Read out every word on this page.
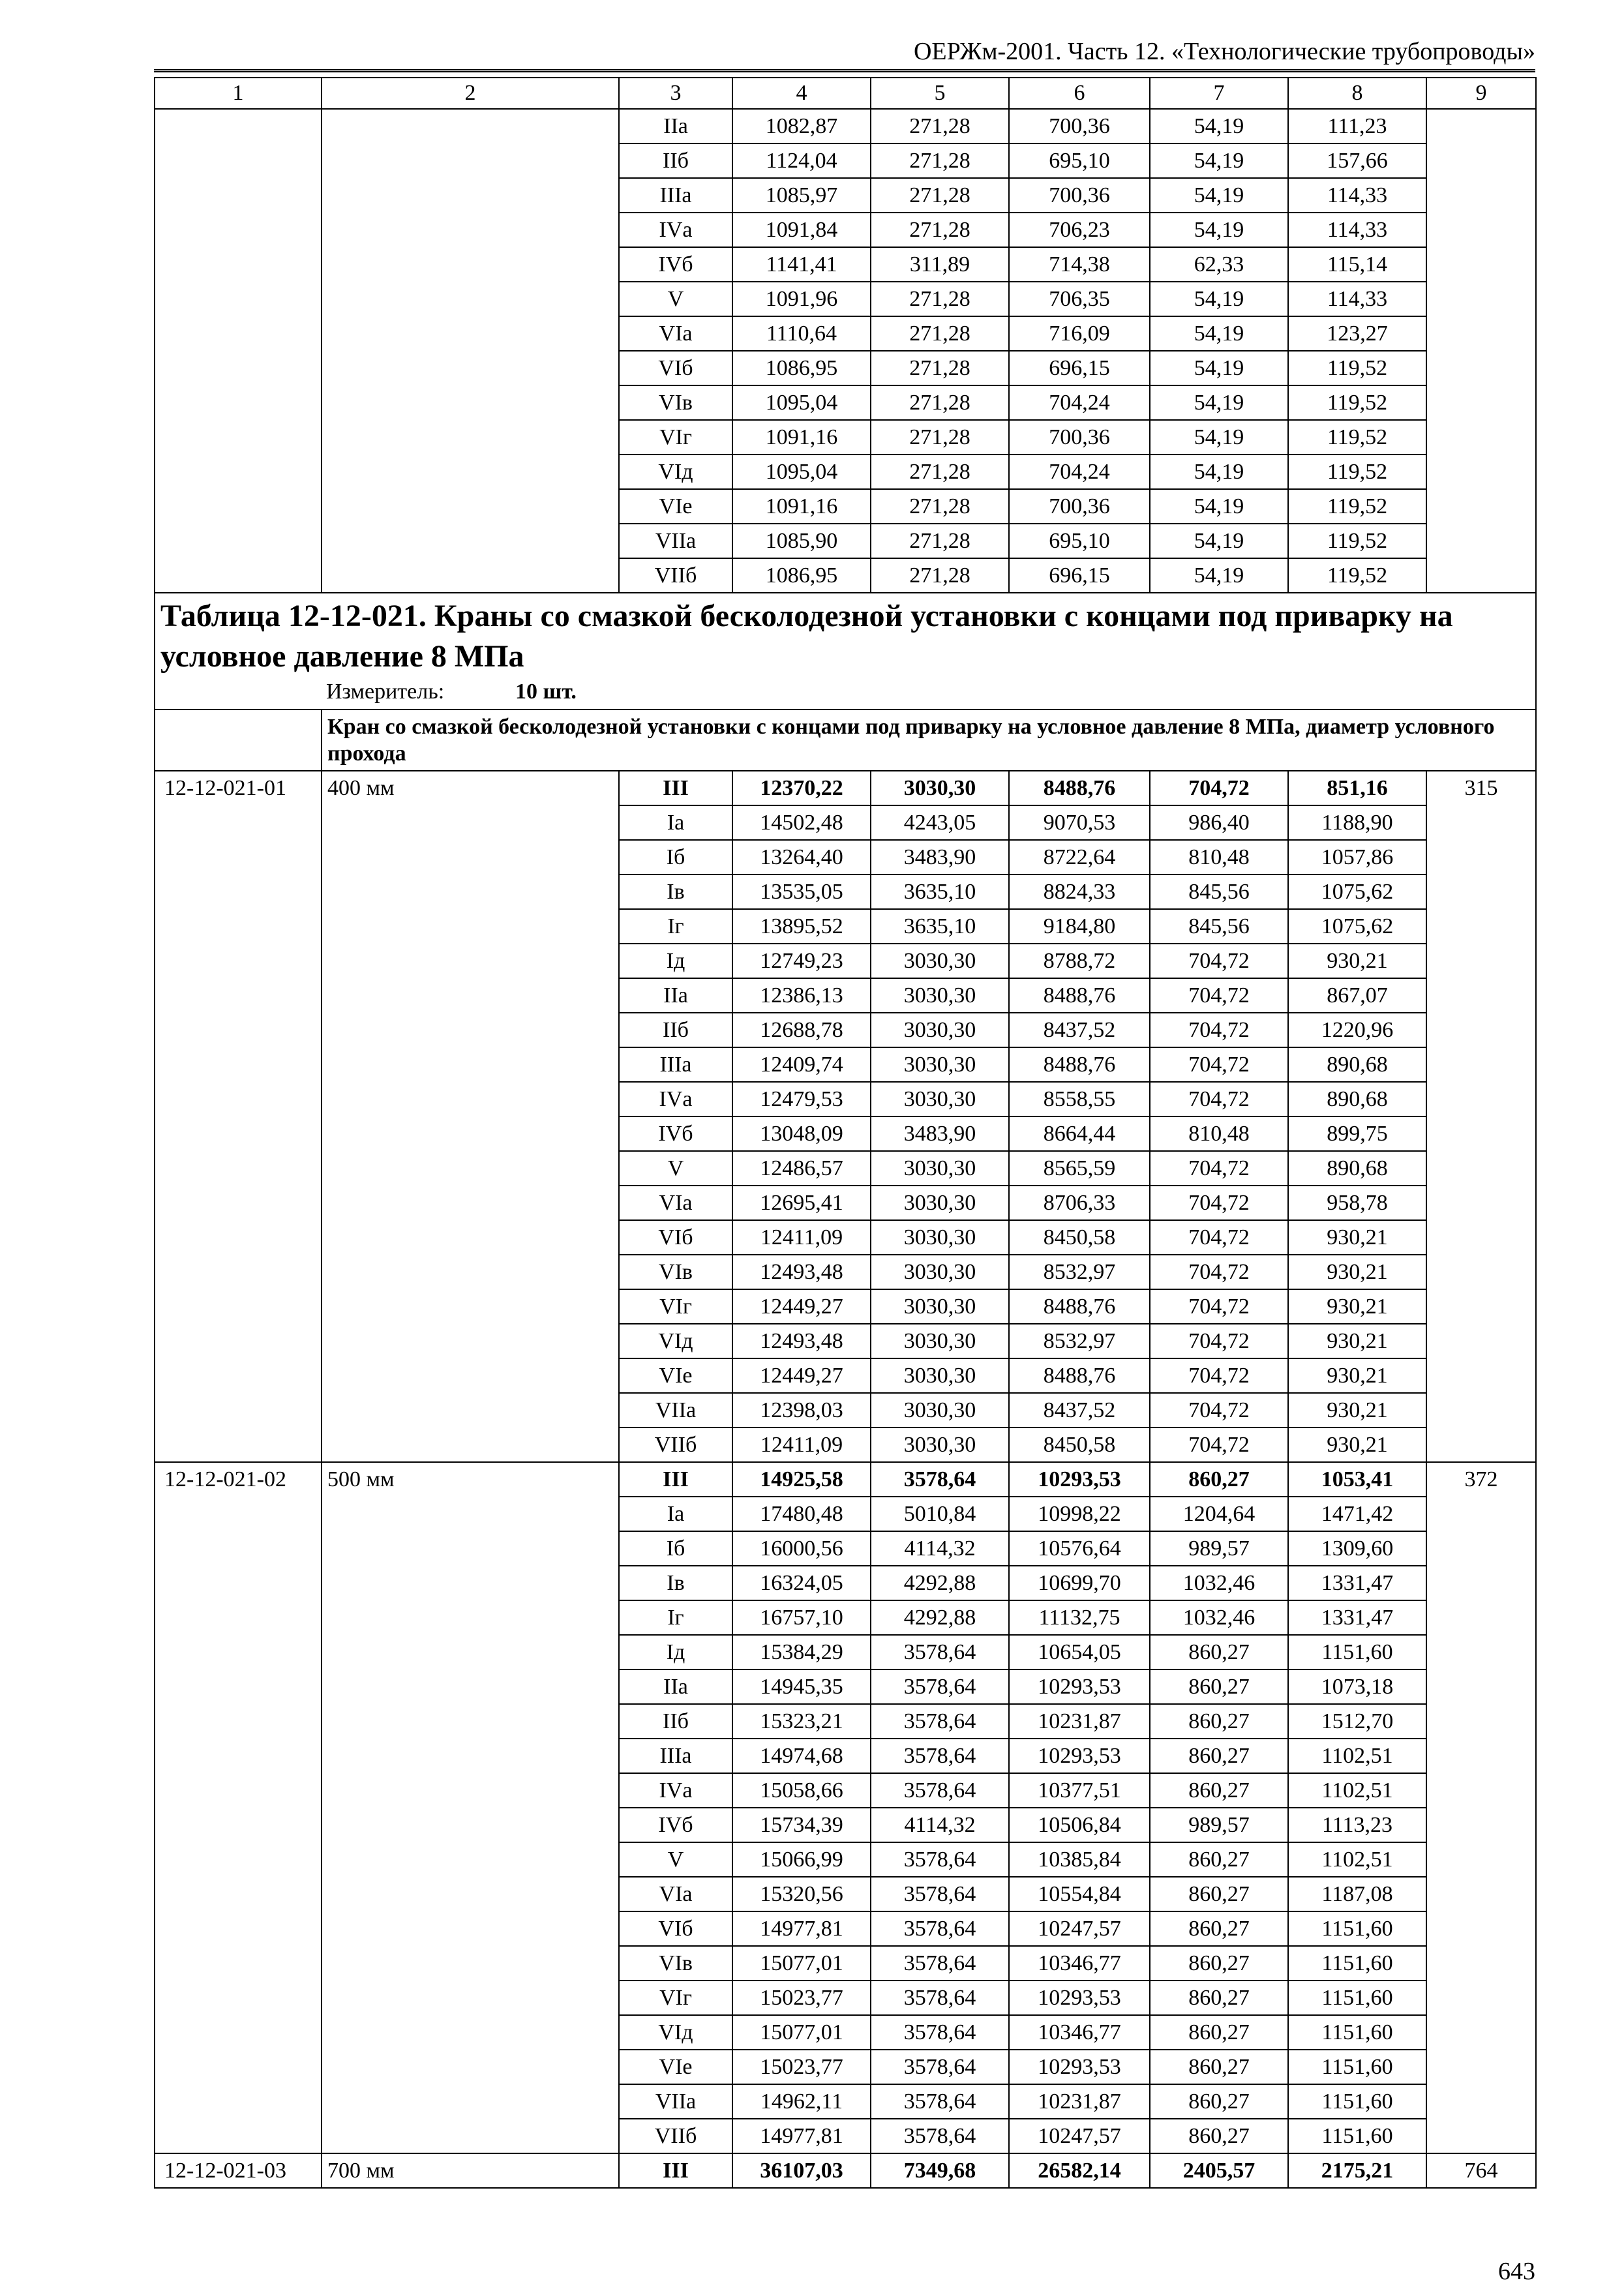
ОЕРЖм-2001. Часть 12. «Технологические трубопроводы»
1	2	3	4	5	6	7	8	9
		IIа	1082,87	271,28	700,36	54,19	111,23	
		IIб	1124,04	271,28	695,10	54,19	157,66	
		IIIа	1085,97	271,28	700,36	54,19	114,33	
		IVа	1091,84	271,28	706,23	54,19	114,33	
		IVб	1141,41	311,89	714,38	62,33	115,14	
		V	1091,96	271,28	706,35	54,19	114,33	
		VIа	1110,64	271,28	716,09	54,19	123,27	
		VIб	1086,95	271,28	696,15	54,19	119,52	
		VIв	1095,04	271,28	704,24	54,19	119,52	
		VIг	1091,16	271,28	700,36	54,19	119,52	
		VIд	1095,04	271,28	704,24	54,19	119,52	
		VIе	1091,16	271,28	700,36	54,19	119,52	
		VIIа	1085,90	271,28	695,10	54,19	119,52	
		VIIб	1086,95	271,28	696,15	54,19	119,52	
Таблица 12-12-021. Краны со смазкой бесколодезной установки с концами под приварку на условное давление 8 МПа								
Измеритель: 10 шт.								
	Кран со смазкой бесколодезной установки с концами под приварку на условное давление 8 МПа, диаметр условного прохода							
12-12-021-01	400 мм	III	12370,22	3030,30	8488,76	704,72	851,16	315
		Iа	14502,48	4243,05	9070,53	986,40	1188,90	
		Iб	13264,40	3483,90	8722,64	810,48	1057,86	
		Iв	13535,05	3635,10	8824,33	845,56	1075,62	
		Iг	13895,52	3635,10	9184,80	845,56	1075,62	
		Iд	12749,23	3030,30	8788,72	704,72	930,21	
		IIа	12386,13	3030,30	8488,76	704,72	867,07	
		IIб	12688,78	3030,30	8437,52	704,72	1220,96	
		IIIа	12409,74	3030,30	8488,76	704,72	890,68	
		IVа	12479,53	3030,30	8558,55	704,72	890,68	
		IVб	13048,09	3483,90	8664,44	810,48	899,75	
		V	12486,57	3030,30	8565,59	704,72	890,68	
		VIа	12695,41	3030,30	8706,33	704,72	958,78	
		VIб	12411,09	3030,30	8450,58	704,72	930,21	
		VIв	12493,48	3030,30	8532,97	704,72	930,21	
		VIг	12449,27	3030,30	8488,76	704,72	930,21	
		VIд	12493,48	3030,30	8532,97	704,72	930,21	
		VIе	12449,27	3030,30	8488,76	704,72	930,21	
		VIIа	12398,03	3030,30	8437,52	704,72	930,21	
		VIIб	12411,09	3030,30	8450,58	704,72	930,21	
12-12-021-02	500 мм	III	14925,58	3578,64	10293,53	860,27	1053,41	372
		Iа	17480,48	5010,84	10998,22	1204,64	1471,42	
		Iб	16000,56	4114,32	10576,64	989,57	1309,60	
		Iв	16324,05	4292,88	10699,70	1032,46	1331,47	
		Iг	16757,10	4292,88	11132,75	1032,46	1331,47	
		Iд	15384,29	3578,64	10654,05	860,27	1151,60	
		IIа	14945,35	3578,64	10293,53	860,27	1073,18	
		IIб	15323,21	3578,64	10231,87	860,27	1512,70	
		IIIа	14974,68	3578,64	10293,53	860,27	1102,51	
		IVа	15058,66	3578,64	10377,51	860,27	1102,51	
		IVб	15734,39	4114,32	10506,84	989,57	1113,23	
		V	15066,99	3578,64	10385,84	860,27	1102,51	
		VIа	15320,56	3578,64	10554,84	860,27	1187,08	
		VIб	14977,81	3578,64	10247,57	860,27	1151,60	
		VIв	15077,01	3578,64	10346,77	860,27	1151,60	
		VIг	15023,77	3578,64	10293,53	860,27	1151,60	
		VIд	15077,01	3578,64	10346,77	860,27	1151,60	
		VIе	15023,77	3578,64	10293,53	860,27	1151,60	
		VIIа	14962,11	3578,64	10231,87	860,27	1151,60	
		VIIб	14977,81	3578,64	10247,57	860,27	1151,60	
12-12-021-03	700 мм	III	36107,03	7349,68	26582,14	2405,57	2175,21	764
643
